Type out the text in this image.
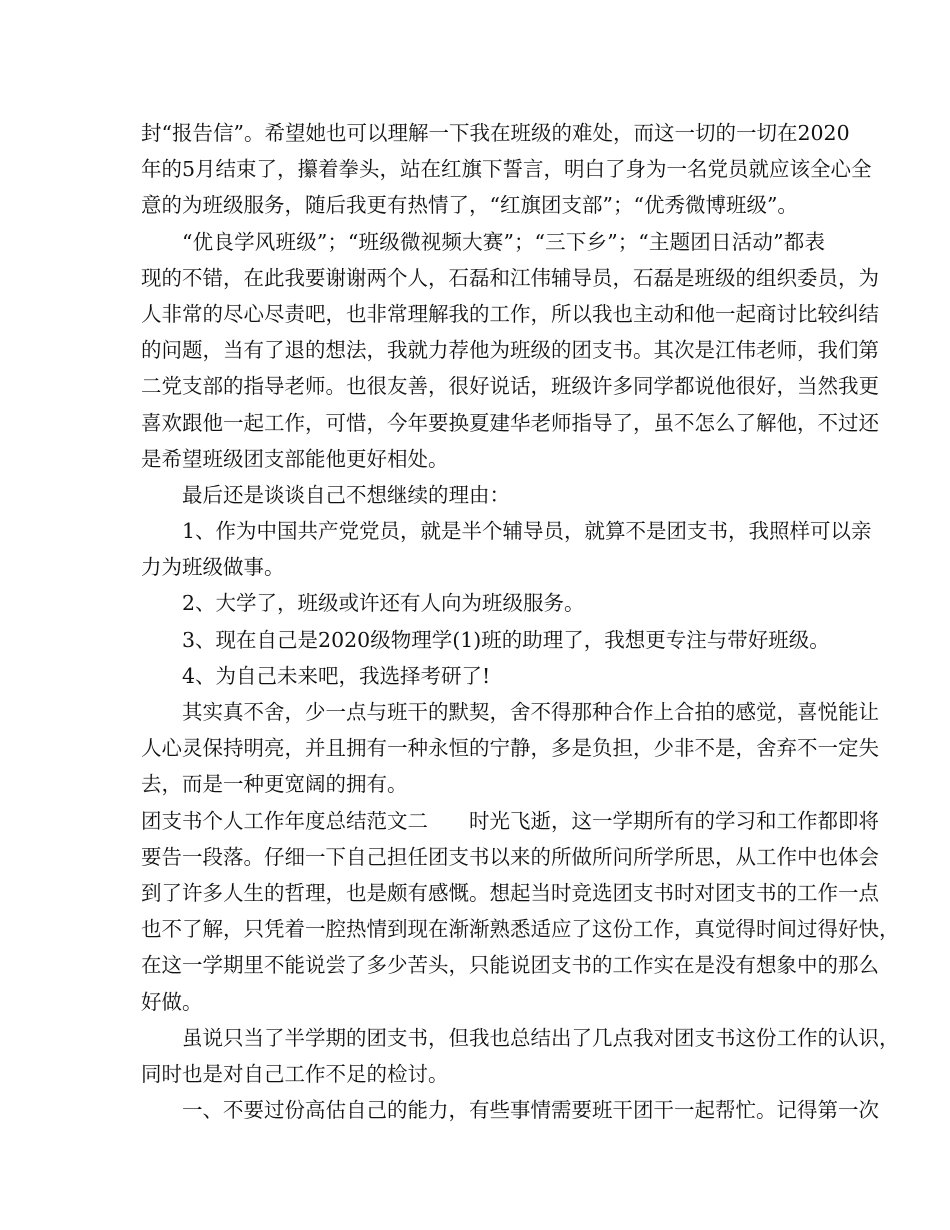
封“报告信”。希望她也可以理解一下我在班级的难处，而这一切的一切在2020
年的5月结束了，攥着拳头，站在红旗下誓言，明白了身为一名党员就应该全心全
意的为班级服务，随后我更有热情了，“红旗团支部”；“优秀微博班级”。
“优良学风班级”；“班级微视频大赛”；“三下乡”；“主题团日活动”都表
现的不错，在此我要谢谢两个人，石磊和江伟辅导员，石磊是班级的组织委员，为
人非常的尽心尽责吧，也非常理解我的工作，所以我也主动和他一起商讨比较纠结
的问题，当有了退的想法，我就力荐他为班级的团支书。其次是江伟老师，我们第
二党支部的指导老师。也很友善，很好说话，班级许多同学都说他很好，当然我更
喜欢跟他一起工作，可惜，今年要换夏建华老师指导了，虽不怎么了解他，不过还
是希望班级团支部能他更好相处。
最后还是谈谈自己不想继续的理由：
1、作为中国共产党党员，就是半个辅导员，就算不是团支书，我照样可以亲
力为班级做事。
2、大学了，班级或许还有人向为班级服务。
3、现在自己是2020级物理学(1)班的助理了，我想更专注与带好班级。
4、为自己未来吧，我选择考研了!
其实真不舍，少一点与班干的默契，舍不得那种合作上合拍的感觉，喜悦能让
人心灵保持明亮，并且拥有一种永恒的宁静，多是负担，少非不是，舍弃不一定失
去，而是一种更宽阔的拥有。
团支书个人工作年度总结范文二　　时光飞逝，这一学期所有的学习和工作都即将
要告一段落。仔细一下自己担任团支书以来的所做所问所学所思，从工作中也体会
到了许多人生的哲理，也是颇有感慨。想起当时竞选团支书时对团支书的工作一点
也不了解，只凭着一腔热情到现在渐渐熟悉适应了这份工作，真觉得时间过得好快，
在这一学期里不能说尝了多少苦头，只能说团支书的工作实在是没有想象中的那么
好做。
虽说只当了半学期的团支书，但我也总结出了几点我对团支书这份工作的认识，
同时也是对自己工作不足的检讨。
一、不要过份高估自己的能力，有些事情需要班干团干一起帮忙。记得第一次
